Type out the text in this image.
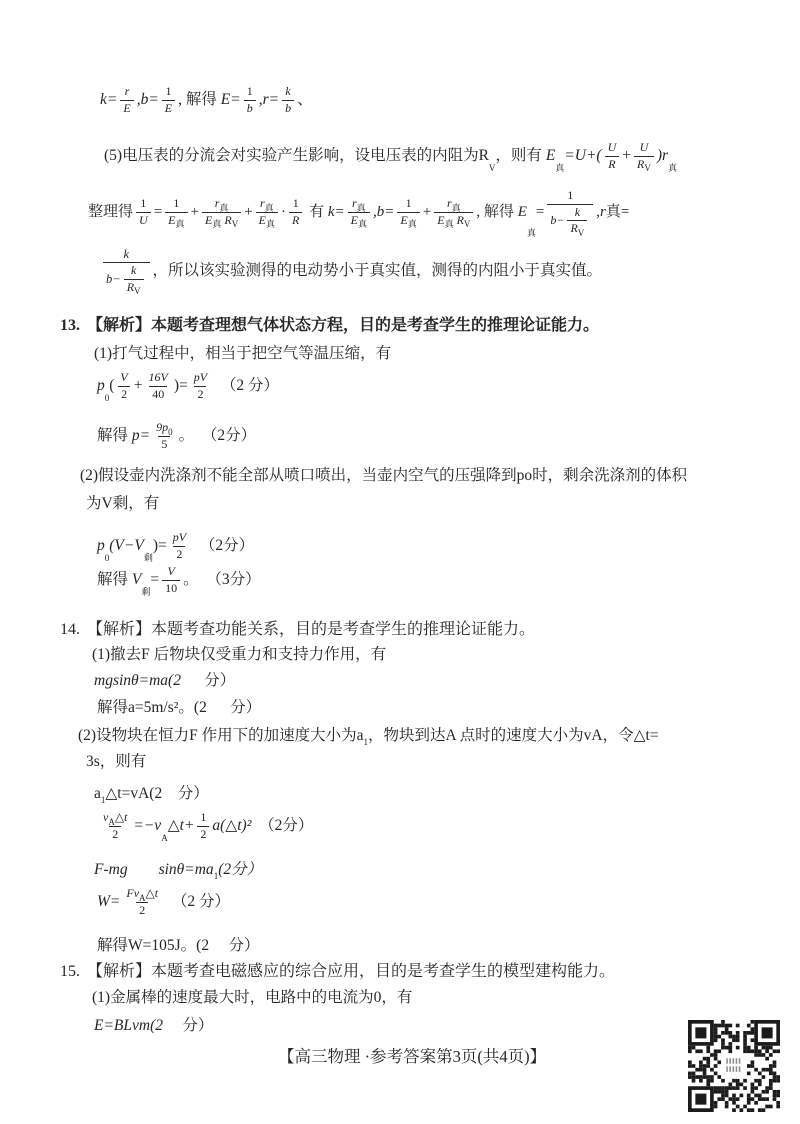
$k= \frac{r}{E} ,b= \frac{1}{E}$ , 解得 $E= \frac{1}{b} ,r= \frac{k}{b}$ 、
(5)电压表的分流会对实验产生影响，设电压表的内阻为R
$_V$
，则有 E
$_真$
$=U+( \frac{U}{R} + \frac{U}{R_V} )r$
$_真$
整理得 $\frac{1}{U} = \frac{1}{E_真} + \frac{r_真}{E_真 R_V} + \frac{r_真}{E_真} \cdot \frac{1}{R}$ 有 $k= \frac{r_真}{E_真} ,b= \frac{1}{E_真} + \frac{r_真}{E_真 R_V}$ , 解得 E
真
= $\frac{1}{b- \frac{k}{R_V}} ,r$ 真 =
$\frac{k}{b- \frac{k}{R_V}}$ ，所以该实验测得的电动势小于真实值，测得的内阻小于真实值。
13. 【解析】本题考查理想气体状态方程，目的是考查学生的推理论证能力。
(1)打气过程中，相当于把空气等温压缩，有
p
$_0$
( $\frac{V}{2} + \frac{16V}{40}$ )= $\frac{pV}{2}$ 　（2 分）
解得 $p= \frac{9p_0}{5}$ 。 　（2分）
(2)假设壶内洗涤剂不能全部从喷口喷出，当壶内空气的压强降到po时，剩余洗涤剂的体积
为V剩，有
p
$_0$
(V−V
$_剩$
)= $\frac{pV}{2}$ 　（2分）
解得 V
$_剩$
= $\frac{V}{10}$ 。 　（3分）
14. 【解析】本题考查功能关系，目的是考查学生的推理论证能力。
(1)撤去F 后物块仅受重力和支持力作用，有
mgsinθ=ma(2 分）
解得a=5m/s²。(2      分）
(2)设物块在恒力F 作用下的加速度大小为$a_1$ ，物块到达A 点时的速度大小为vA，令△t=
3s，则有
$a_1$ △t=vA(2    分）
$\frac{v_A \triangle t}{2} =-v$
$_A$
△t+ $\frac{1}{2}$ a(△t)² 　（2分）
F-mg        $\sin\theta=ma_1$ (2分）
$W= \frac{Fv_A \triangle t}{2}$ 　（2 分）
解得W=105J。(2     分）
15. 【解析】本题考查电磁感应的综合应用，目的是考查学生的模型建构能力。
(1)金属棒的速度最大时，电路中的电流为0，有
E=BLvm(2 分）
【高三物理 ·参考答案第3页(共4页)】
